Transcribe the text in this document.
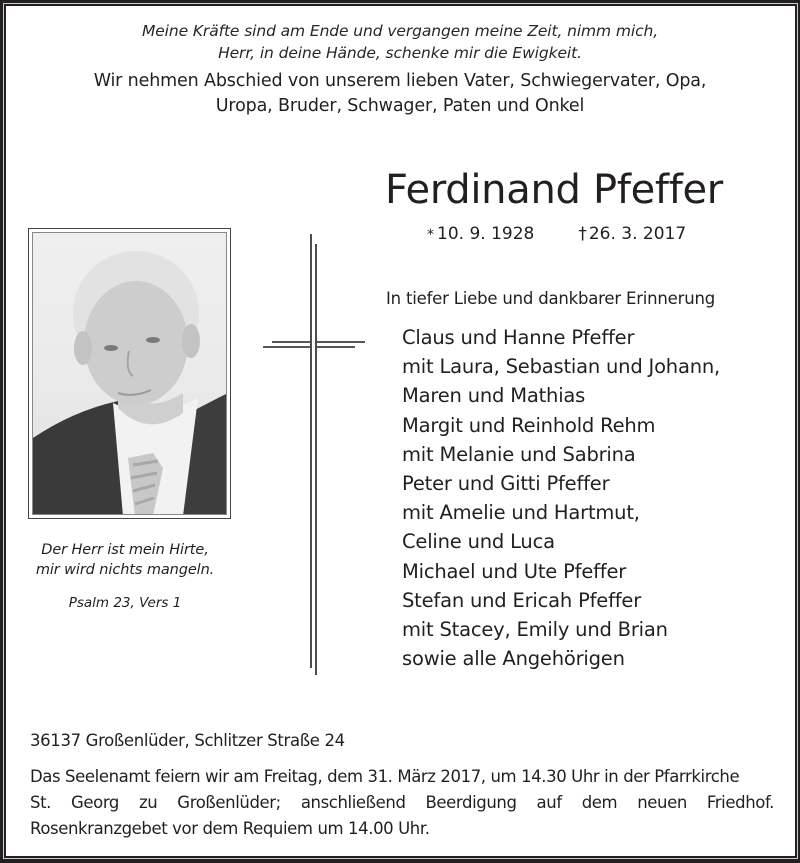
Meine Kräfte sind am Ende und vergangen meine Zeit, nimm mich,
Herr, in deine Hände, schenke mir die Ewigkeit.
Wir nehmen Abschied von unserem lieben Vater, Schwiegervater, Opa,
Uropa, Bruder, Schwager, Paten und Onkel
Ferdinand Pfeffer
* 10. 9. 1928	† 26. 3. 2017
Der Herr ist mein Hirte,
mir wird nichts mangeln.
Psalm 23, Vers 1
In tiefer Liebe und dankbarer Erinnerung
Claus und Hanne Pfeffer
mit Laura, Sebastian und Johann,
Maren und Mathias
Margit und Reinhold Rehm
mit Melanie und Sabrina
Peter und Gitti Pfeffer
mit Amelie und Hartmut,
Celine und Luca
Michael und Ute Pfeffer
Stefan und Ericah Pfeffer
mit Stacey, Emily und Brian
sowie alle Angehörigen
36137 Großenlüder, Schlitzer Straße 24
Das Seelenamt feiern wir am Freitag, dem 31. März 2017, um 14.30 Uhr in der Pfarrkirche
St. Georg zu Großenlüder; anschließend Beerdigung auf dem neuen Friedhof.
Rosenkranzgebet vor dem Requiem um 14.00 Uhr.
